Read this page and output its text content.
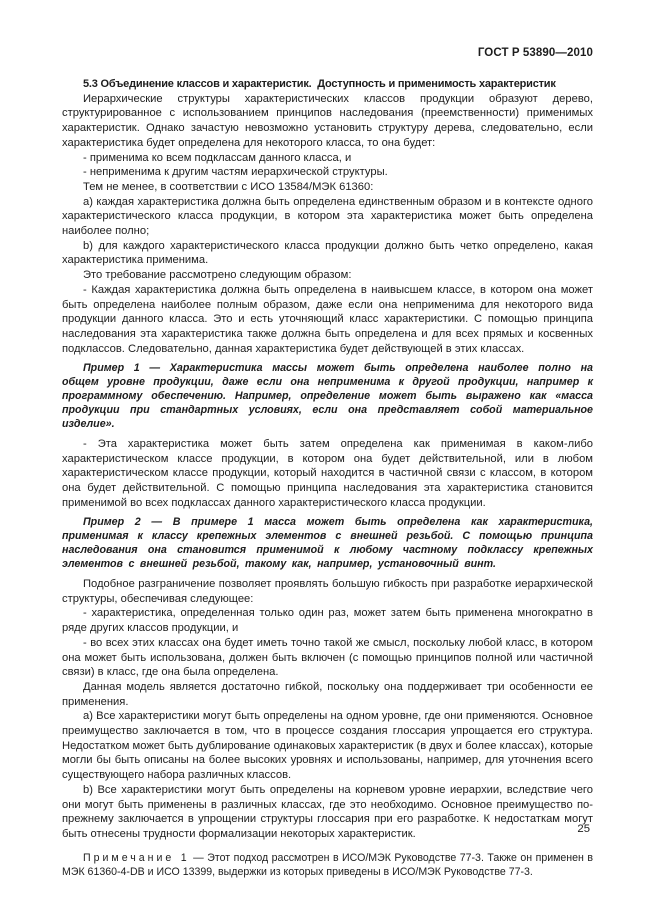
ГОСТ Р 53890—2010

5.3 Объединение классов и характеристик.  Доступность и применимость характеристик

Иерархические структуры характеристических классов продукции образуют дерево, структурированное с использованием принципов наследования (преемственности) применимых характеристик. Однако зачастую невозможно установить структуру дерева, следовательно, если характеристика будет определена для некоторого класса, то она будет:

- применима ко всем подклассам данного класса, и

- неприменима к другим частям иерархической структуры.

Тем не менее, в соответствии с ИСО 13584/МЭК 61360:

a) каждая характеристика должна быть определена единственным образом и в контексте одного характеристического класса продукции, в котором эта характеристика может быть определена наиболее полно;

b) для каждого характеристического класса продукции должно быть четко определено, какая характеристика применима.

Это требование рассмотрено следующим образом:

- Каждая характеристика должна быть определена в наивысшем классе, в котором она может быть определена наиболее полным образом, даже если она неприменима для некоторого вида продукции данного класса. Это и есть уточняющий класс характеристики. С помощью принципа наследования эта характеристика также должна быть определена и для всех прямых и косвенных подклассов. Следовательно, данная характеристика будет действующей в этих классах.

Пример 1 — Характеристика массы может быть определена наиболее полно на общем уровне продукции, даже если она неприменима к другой продукции, например к программному обеспечению. Например, определение может быть выражено как «масса продукции при стандартных условиях, если она представляет собой материальное изделие».

- Эта характеристика может быть затем определена как применимая в каком-либо характеристическом классе продукции, в котором она будет действительной, или в любом характеристическом классе продукции, который находится в частичной связи с классом, в котором она будет действительной. С помощью принципа наследования эта характеристика становится применимой во всех подклассах данного характеристического класса продукции.

Пример 2 — В примере 1 масса может быть определена как характеристика, применимая к классу крепежных элементов с внешней резьбой. С помощью принципа наследования она становится применимой к любому частному подклассу крепежных элементов с внешней резьбой, такому как, например, установочный винт.

Подобное разграничение позволяет проявлять большую гибкость при разработке иерархической структуры, обеспечивая следующее:

- характеристика, определенная только один раз, может затем быть применена многократно в ряде других классов продукции, и

- во всех этих классах она будет иметь точно такой же смысл, поскольку любой класс, в котором она может быть использована, должен быть включен (с помощью принципов полной или частичной связи) в класс, где она была определена.

Данная модель является достаточно гибкой, поскольку она поддерживает три особенности ее применения.

a) Все характеристики могут быть определены на одном уровне, где они применяются. Основное преимущество заключается в том, что в процессе создания глоссария упрощается его структура. Недостатком может быть дублирование одинаковых характеристик (в двух и более классах), которые могли бы быть описаны на более высоких уровнях и использованы, например, для уточнения всего существующего набора различных классов.

b) Все характеристики могут быть определены на корневом уровне иерархии, вследствие чего они могут быть применены в различных классах, где это необходимо. Основное преимущество по-прежнему заключается в упрощении структуры глоссария при его разработке. К недостаткам могут быть отнесены трудности формализации некоторых характеристик.

Примечание 1 — Этот подход рассмотрен в ИСО/МЭК Руководстве 77-3. Также он применен в МЭК 61360-4-DB и ИСО 13399, выдержки из которых приведены в ИСО/МЭК Руководстве 77-3.

25
